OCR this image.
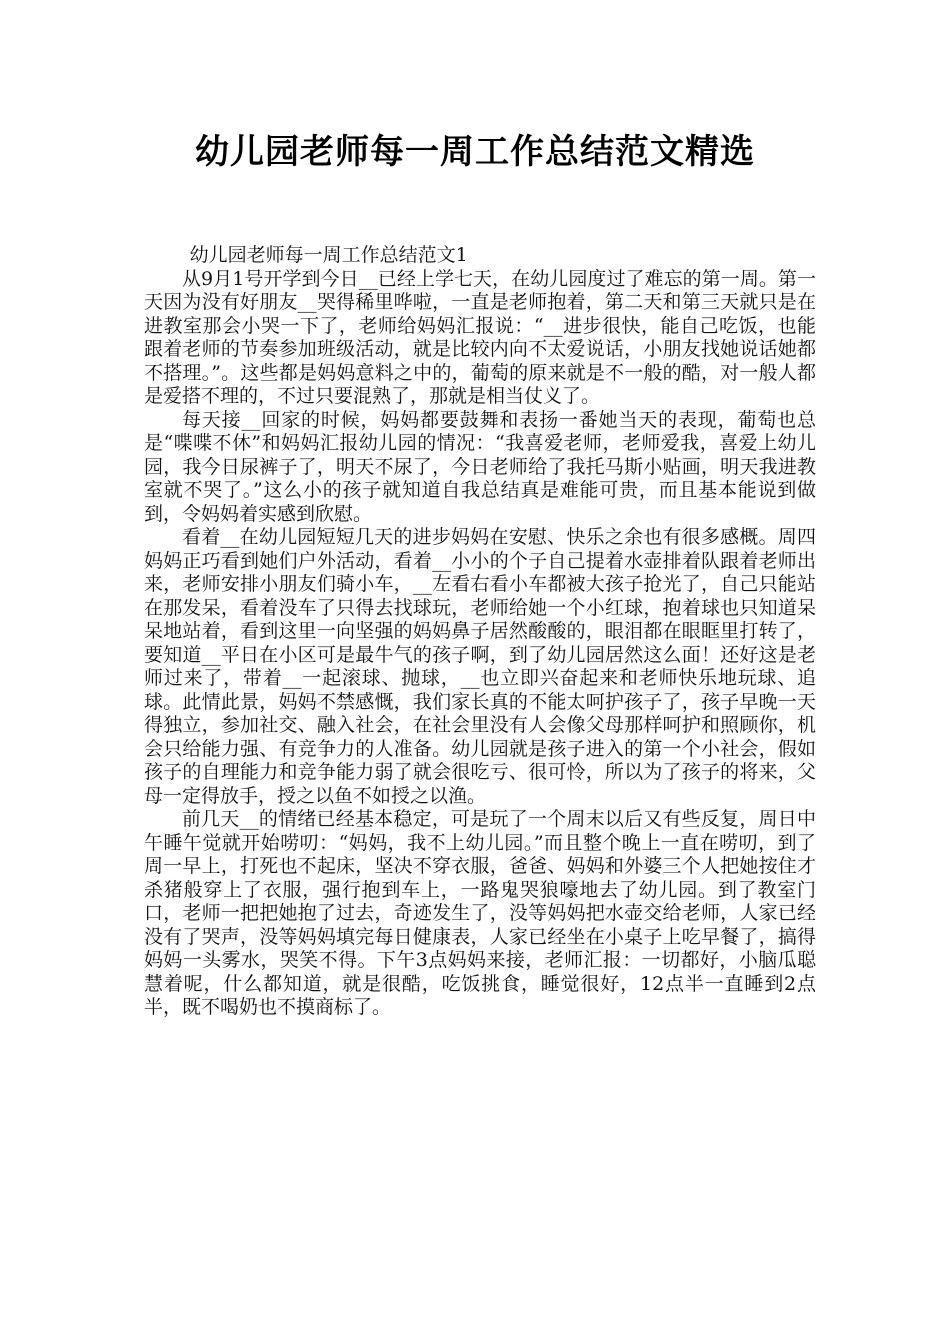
幼儿园老师每一周工作总结范文精选

幼儿园老师每一周工作总结范文1

从9月1号开学到今日__已经上学七天，在幼儿园度过了难忘的第一周。第一天因为没有好朋友__哭得稀里哗啦，一直是老师抱着，第二天和第三天就只是在进教室那会小哭一下了，老师给妈妈汇报说：“__进步很快，能自己吃饭，也能跟着老师的节奏参加班级活动，就是比较内向不太爱说话，小朋友找她说话她都不搭理。”。这些都是妈妈意料之中的，葡萄的原来就是不一般的酷，对一般人都是爱搭不理的，不过只要混熟了，那就是相当仗义了。

每天接__回家的时候，妈妈都要鼓舞和表扬一番她当天的表现，葡萄也总是“喋喋不休”和妈妈汇报幼儿园的情况：“我喜爱老师，老师爱我，喜爱上幼儿园，我今日尿裤子了，明天不尿了，今日老师给了我托马斯小贴画，明天我进教室就不哭了。”这么小的孩子就知道自我总结真是难能可贵，而且基本能说到做到，令妈妈着实感到欣慰。

看着__在幼儿园短短几天的进步妈妈在安慰、快乐之余也有很多感概。周四妈妈正巧看到她们户外活动，看着__小小的个子自己提着水壶排着队跟着老师出来，老师安排小朋友们骑小车，__左看右看小车都被大孩子抢光了，自己只能站在那发呆，看着没车了只得去找球玩，老师给她一个小红球，抱着球也只知道呆呆地站着，看到这里一向坚强的妈妈鼻子居然酸酸的，眼泪都在眼眶里打转了，要知道__平日在小区可是最牛气的孩子啊，到了幼儿园居然这么面！还好这是老师过来了，带着__一起滚球、抛球，__也立即兴奋起来和老师快乐地玩球、追球。此情此景，妈妈不禁感慨，我们家长真的不能太呵护孩子了，孩子早晚一天得独立，参加社交、融入社会，在社会里没有人会像父母那样呵护和照顾你，机会只给能力强、有竞争力的人准备。幼儿园就是孩子进入的第一个小社会，假如孩子的自理能力和竞争能力弱了就会很吃亏、很可怜，所以为了孩子的将来，父母一定得放手，授之以鱼不如授之以渔。

前几天__的情绪已经基本稳定，可是玩了一个周末以后又有些反复，周日中午睡午觉就开始唠叨：“妈妈，我不上幼儿园。”而且整个晚上一直在唠叨，到了周一早上，打死也不起床，坚决不穿衣服，爸爸、妈妈和外婆三个人把她按住才杀猪般穿上了衣服，强行抱到车上，一路鬼哭狼嚎地去了幼儿园。到了教室门口，老师一把把她抱了过去，奇迹发生了，没等妈妈把水壶交给老师，人家已经没有了哭声，没等妈妈填完每日健康表，人家已经坐在小桌子上吃早餐了，搞得妈妈一头雾水，哭笑不得。下午3点妈妈来接，老师汇报：一切都好，小脑瓜聪慧着呢，什么都知道，就是很酷，吃饭挑食，睡觉很好，12点半一直睡到2点半，既不喝奶也不摸商标了。
